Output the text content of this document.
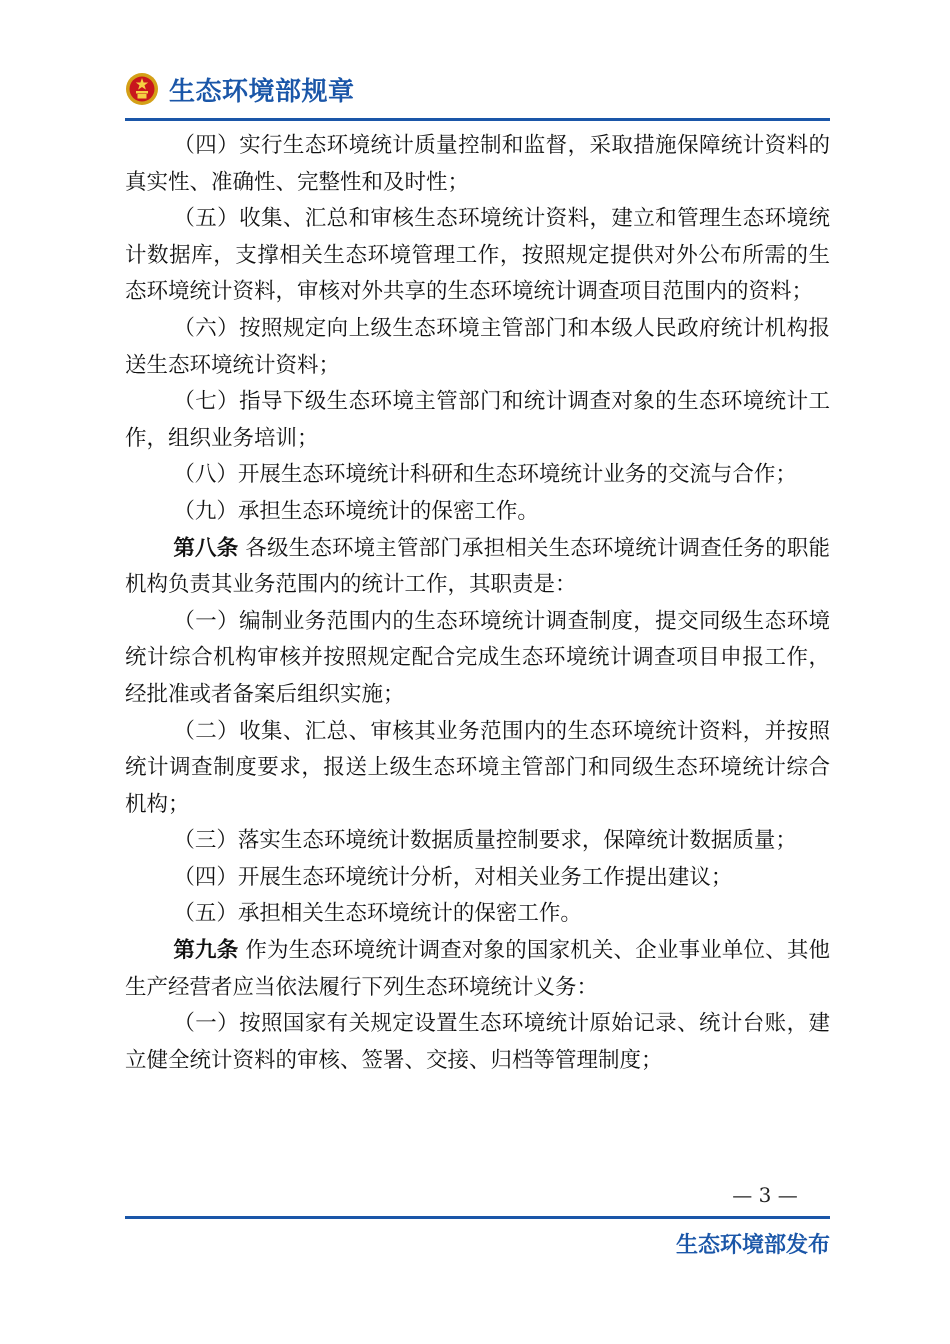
生态环境部规章

（四）实行生态环境统计质量控制和监督，采取措施保障统计资料的真实性、准确性、完整性和及时性；

（五）收集、汇总和审核生态环境统计资料，建立和管理生态环境统计数据库，支撑相关生态环境管理工作，按照规定提供对外公布所需的生态环境统计资料，审核对外共享的生态环境统计调查项目范围内的资料；

（六）按照规定向上级生态环境主管部门和本级人民政府统计机构报送生态环境统计资料；

（七）指导下级生态环境主管部门和统计调查对象的生态环境统计工作，组织业务培训；

（八）开展生态环境统计科研和生态环境统计业务的交流与合作；

（九）承担生态环境统计的保密工作。

第八条 各级生态环境主管部门承担相关生态环境统计调查任务的职能机构负责其业务范围内的统计工作，其职责是：

（一）编制业务范围内的生态环境统计调查制度，提交同级生态环境统计综合机构审核并按照规定配合完成生态环境统计调查项目申报工作，经批准或者备案后组织实施；

（二）收集、汇总、审核其业务范围内的生态环境统计资料，并按照统计调查制度要求，报送上级生态环境主管部门和同级生态环境统计综合机构；

（三）落实生态环境统计数据质量控制要求，保障统计数据质量；

（四）开展生态环境统计分析，对相关业务工作提出建议；

（五）承担相关生态环境统计的保密工作。

第九条 作为生态环境统计调查对象的国家机关、企业事业单位、其他生产经营者应当依法履行下列生态环境统计义务：

（一）按照国家有关规定设置生态环境统计原始记录、统计台账，建立健全统计资料的审核、签署、交接、归档等管理制度；

— 3 —
生态环境部发布
